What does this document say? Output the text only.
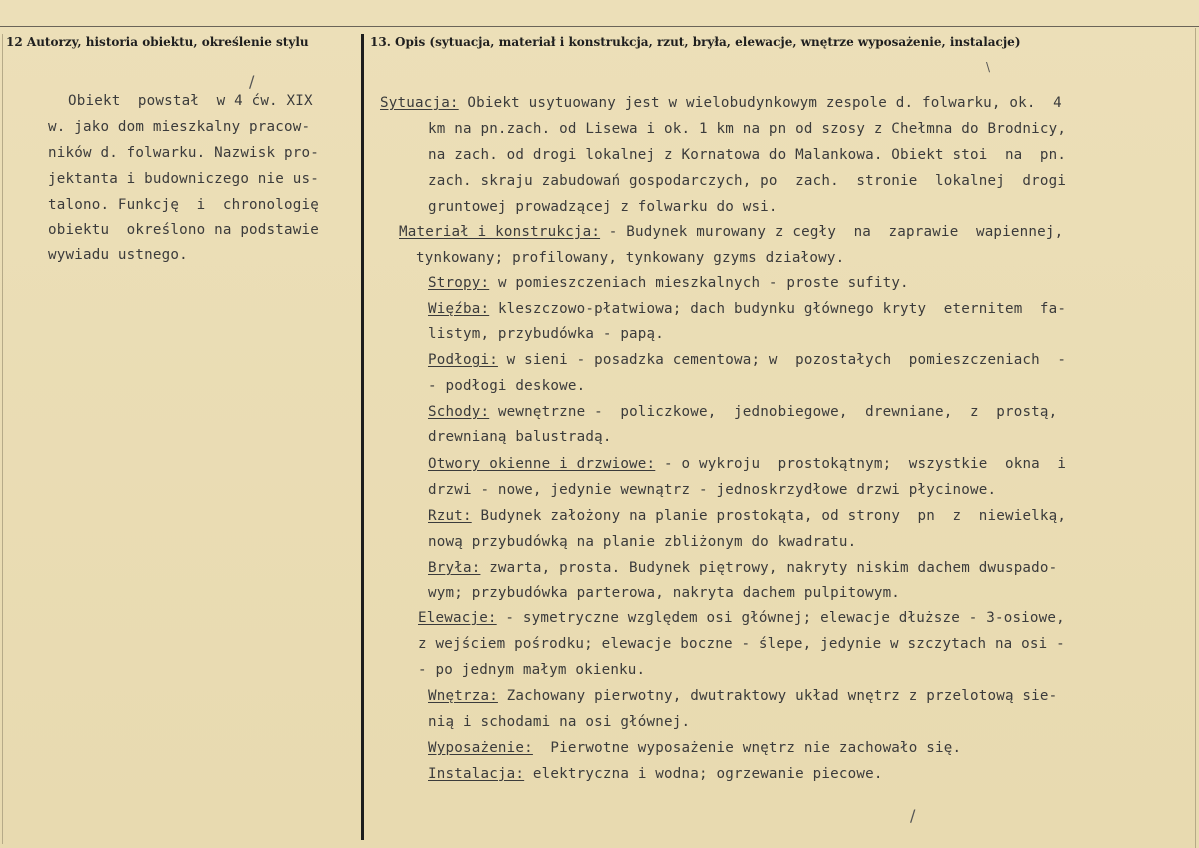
12 Autorzy, historia obiektu, określenie stylu	13. Opis (sytuacja, materiał i konstrukcja, rzut, bryła, elewacje, wnętrze wyposażenie, instalacje)
Obiekt  powstał  w 4 ćw. XIX
w. jako dom mieszkalny pracow-
ników d. folwarku. Nazwisk pro-
jektanta i budowniczego nie us-
talono. Funkcję  i  chronologię
obiektu  określono na podstawie
wywiadu ustnego.
Sytuacja: Obiekt usytuowany jest w wielobudynkowym zespole d. folwarku, ok.  4
km na pn.zach. od Lisewa i ok. 1 km na pn od szosy z Chełmna do Brodnicy,
na zach. od drogi lokalnej z Kornatowa do Malankowa. Obiekt stoi  na  pn.
zach. skraju zabudowań gospodarczych, po  zach.  stronie  lokalnej  drogi
gruntowej prowadzącej z folwarku do wsi.
Materiał i konstrukcja: - Budynek murowany z cegły  na  zaprawie  wapiennej,
tynkowany; profilowany, tynkowany gzyms działowy.
Stropy: w pomieszczeniach mieszkalnych - proste sufity.
Więźba: kleszczowo-płatwiowa; dach budynku głównego kryty  eternitem  fa-
listym, przybudówka - papą.
Podłogi: w sieni - posadzka cementowa; w  pozostałych  pomieszczeniach  -
- podłogi deskowe.
Schody: wewnętrzne -  policzkowe,  jednobiegowe,  drewniane,  z  prostą,
drewnianą balustradą.
Otwory okienne i drzwiowe: - o wykroju  prostokątnym;  wszystkie  okna  i
drzwi - nowe, jedynie wewnątrz - jednoskrzydłowe drzwi płycinowe.
Rzut: Budynek założony na planie prostokąta, od strony  pn  z  niewielką,
nową przybudówką na planie zbliżonym do kwadratu.
Bryła: zwarta, prosta. Budynek piętrowy, nakryty niskim dachem dwuspado-
wym; przybudówka parterowa, nakryta dachem pulpitowym.
Elewacje: - symetryczne względem osi głównej; elewacje dłuższe - 3-osiowe,
z wejściem pośrodku; elewacje boczne - ślepe, jedynie w szczytach na osi -
- po jednym małym okienku.
Wnętrza: Zachowany pierwotny, dwutraktowy układ wnętrz z przelotową sie-
nią i schodami na osi głównej.
Wyposażenie:  Pierwotne wyposażenie wnętrz nie zachowało się.
Instalacja: elektryczna i wodna; ogrzewanie piecowe.
/
\
/
